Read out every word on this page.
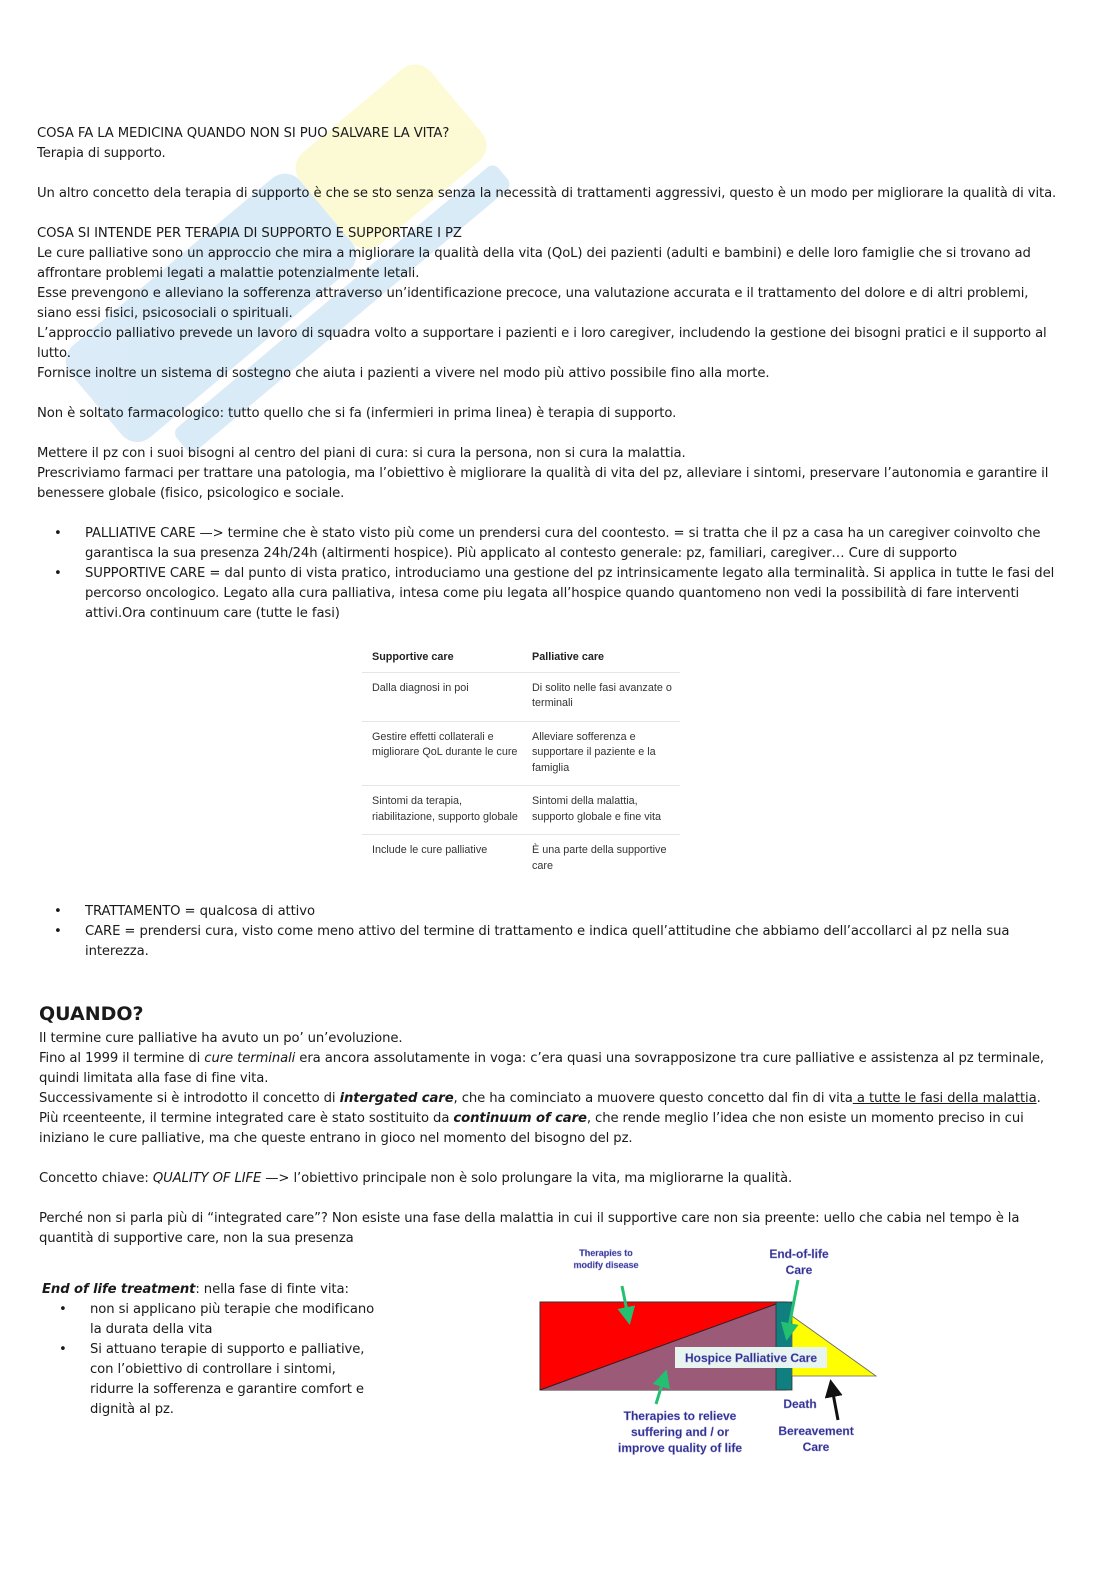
COSA FA LA MEDICINA QUANDO NON SI PUO SALVARE LA VITA?

Terapia di supporto.

Un altro concetto dela terapia di supporto è che se sto senza senza la necessità di trattamenti aggressivi, questo è un modo per migliorare la qualità di vita.

COSA SI INTENDE PER TERAPIA DI SUPPORTO E SUPPORTARE I PZ

Le cure palliative sono un approccio che mira a migliorare la qualità della vita (QoL) dei pazienti (adulti e bambini) e delle loro famiglie che si trovano ad affrontare problemi legati a malattie potenzialmente letali.

Esse prevengono e alleviano la sofferenza attraverso un’identificazione precoce, una valutazione accurata e il trattamento del dolore e di altri problemi, siano essi fisici, psicosociali o spirituali.

L’approccio palliativo prevede un lavoro di squadra volto a supportare i pazienti e i loro caregiver, includendo la gestione dei bisogni pratici e il supporto al lutto.

Fornisce inoltre un sistema di sostegno che aiuta i pazienti a vivere nel modo più attivo possibile fino alla morte.

Non è soltato farmacologico: tutto quello che si fa (infermieri in prima linea) è terapia di supporto.

Mettere il pz con i suoi bisogni al centro del piani di cura: si cura la persona, non si cura la malattia.

Prescriviamo farmaci per trattare una patologia, ma l’obiettivo è migliorare la qualità di vita del pz, alleviare i sintomi, preservare l’autonomia e garantire il benessere globale (fisico, psicologico e sociale.

• PALLIATIVE CARE —> termine che è stato visto più come un prendersi cura del coontesto. = si tratta che il pz a casa ha un caregiver coinvolto che garantisca la sua presenza 24h/24h (altirmenti hospice). Più applicato al contesto generale: pz, familiari, caregiver… Cure di supporto
• SUPPORTIVE CARE = dal punto di vista pratico, introduciamo una gestione del pz intrinsicamente legato alla terminalità. Si applica in tutte le fasi del percorso oncologico. Legato alla cura palliativa, intesa come piu legata all’hospice quando quantomeno non vedi la possibilità di fare interventi attivi.Ora continuum care (tutte le fasi)
Supportive care	Palliative care
Dalla diagnosi in poi	Di solito nelle fasi avanzate o terminali
Gestire effetti collaterali e migliorare QoL durante le cure	Alleviare sofferenza e supportare il paziente e la famiglia
Sintomi da terapia, riabilitazione, supporto globale	Sintomi della malattia, supporto globale e fine vita
Include le cure palliative	È una parte della supportive care
• TRATTAMENTO = qualcosa di attivo
• CARE = prendersi cura, visto come meno attivo del termine di trattamento e indica quell’attitudine che abbiamo dell’accollarci al pz nella sua interezza.
QUANDO?

Il termine cure palliative ha avuto un po’ un’evoluzione.

Fino al 1999 il termine di cure terminali era ancora assolutamente in voga: c’era quasi una sovrapposizone tra cure palliative e assistenza al pz terminale, quindi limitata alla fase di fine vita.

Successivamente si è introdotto il concetto di intergated care, che ha cominciato a muovere questo concetto dal fin di vita a tutte le fasi della malattia.

Più rceenteente, il termine integrated care è stato sostituito da continuum of care, che rende meglio l’idea che non esiste un momento preciso in cui iniziano le cure palliative, ma che queste entrano in gioco nel momento del bisogno del pz.

Concetto chiave: QUALITY OF LIFE —> l’obiettivo principale non è solo prolungare la vita, ma migliorarne la qualità.

Perché non si parla più di “integrated care”? Non esiste una fase della malattia in cui il supportive care non sia preente: uello che cabia nel tempo è la quantità di supportive care, non la sua presenza

End of life treatment: nella fase di finte vita:

• non si applicano più terapie che modificano la durata della vita
• Si attuano terapie di supporto e palliative, con l’obiettivo di controllare i sintomi, ridurre la sofferenza e garantire comfort e dignità al pz.
Hospice Palliative Care
Therapies to
modify disease
End-of-life
Care
Therapies to relieve
suffering and / or
improve quality of life
Death
Bereavement
Care
